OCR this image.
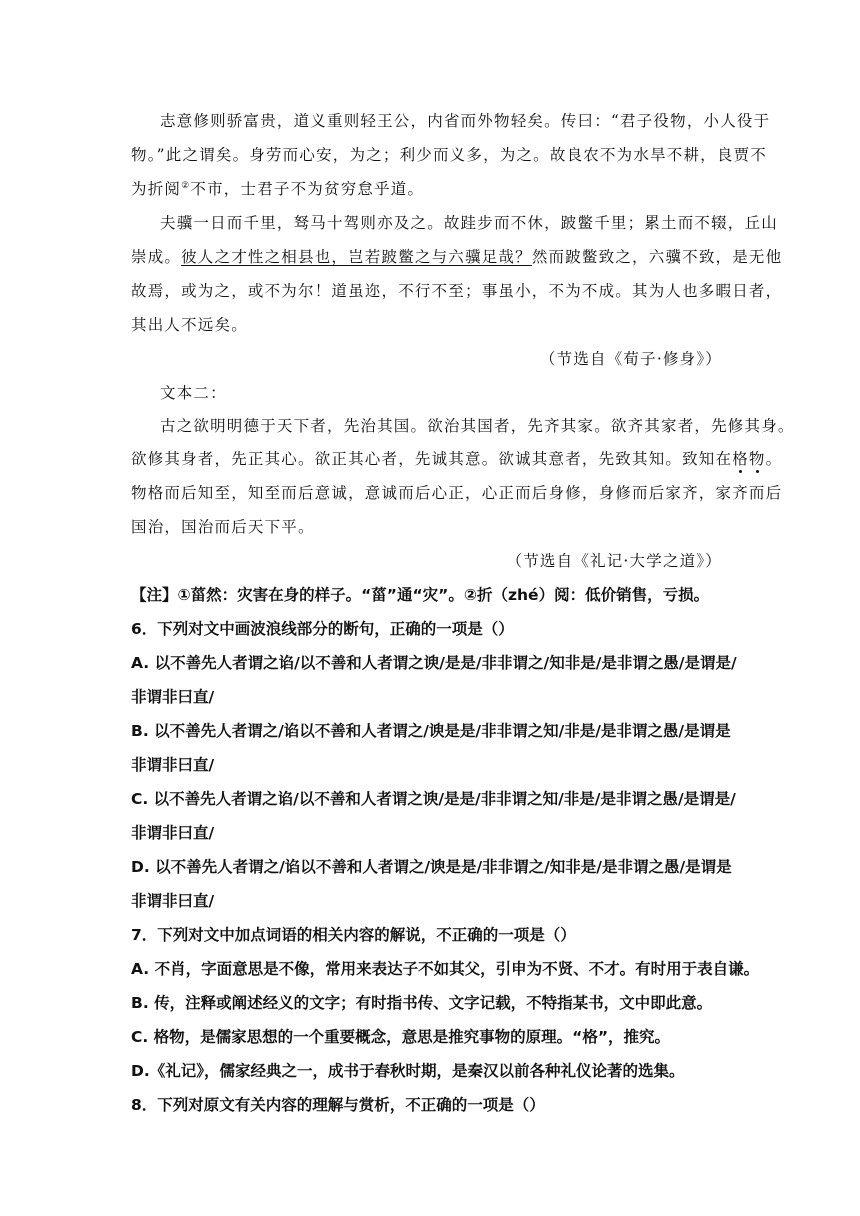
志意修则骄富贵，道义重则轻王公，内省而外物轻矣。传曰：“君子役物，小人役于
物。”此之谓矣。身劳而心安，为之；利少而义多，为之。故良农不为水旱不耕，良贾不
为折阅②不市，士君子不为贫穷怠乎道。
夫骥一日而千里，驽马十驾则亦及之。故跬步而不休，跛鳖千里；累土而不辍，丘山
崇成。彼人之才性之相县也，岂若跛鳖之与六骥足哉？然而跛鳖致之，六骥不致，是无他
故焉，或为之，或不为尔！道虽迩，不行不至；事虽小，不为不成。其为人也多暇日者，
其出人不远矣。
（节选自《荀子·修身》）
文本二：
古之欲明明德于天下者，先治其国。欲治其国者，先齐其家。欲齐其家者，先修其身。
欲修其身者，先正其心。欲正其心者，先诚其意。欲诚其意者，先致其知。致知在格物。
物格而后知至，知至而后意诚，意诚而后心正，心正而后身修，身修而后家齐，家齐而后
国治，国治而后天下平。
（节选自《礼记·大学之道》）
【注】①菑然：灾害在身的样子。“菑”通“灾”。②折（zhé）阅：低价销售，亏损。
6．下列对文中画波浪线部分的断句，正确的一项是（）
A. 以不善先人者谓之谄/以不善和人者谓之谀/是是/非非谓之/知非是/是非谓之愚/是谓是/
非谓非曰直/
B. 以不善先人者谓之/谄以不善和人者谓之/谀是是/非非谓之知/非是/是非谓之愚/是谓是
非谓非曰直/
C. 以不善先人者谓之谄/以不善和人者谓之谀/是是/非非谓之知/非是/是非谓之愚/是谓是/
非谓非曰直/
D. 以不善先人者谓之/谄以不善和人者谓之/谀是是/非非谓之/知非是/是非谓之愚/是谓是
非谓非曰直/
7．下列对文中加点词语的相关内容的解说，不正确的一项是（）
A. 不肖，字面意思是不像，常用来表达子不如其父，引申为不贤、不才。有时用于表自谦。
B. 传，注释或阐述经义的文字；有时指书传、文字记载，不特指某书，文中即此意。
C. 格物，是儒家思想的一个重要概念，意思是推究事物的原理。“格”，推究。
D.《礼记》，儒家经典之一，成书于春秋时期，是秦汉以前各种礼仪论著的选集。
8．下列对原文有关内容的理解与赏析，不正确的一项是（）
